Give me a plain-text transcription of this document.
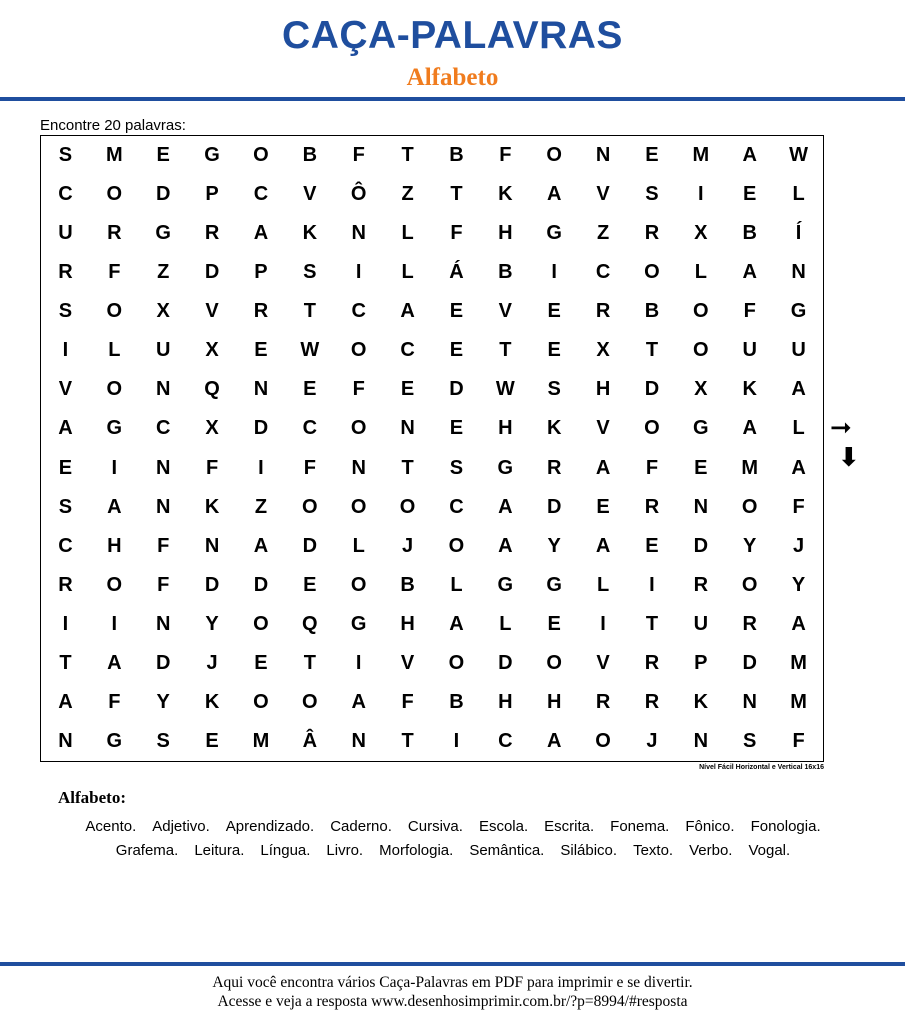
CAÇA-PALAVRAS
Alfabeto
Encontre 20 palavras:
S	M	E	G	O	B	F	T	B	F	O	N	E	M	A	W
C	O	D	P	C	V	Ô	Z	T	K	A	V	S	I	E	L
U	R	G	R	A	K	N	L	F	H	G	Z	R	X	B	Í
R	F	Z	D	P	S	I	L	Á	B	I	C	O	L	A	N
S	O	X	V	R	T	C	A	E	V	E	R	B	O	F	G
I	L	U	X	E	W	O	C	E	T	E	X	T	O	U	U
V	O	N	Q	N	E	F	E	D	W	S	H	D	X	K	A
A	G	C	X	D	C	O	N	E	H	K	V	O	G	A	L
E	I	N	F	I	F	N	T	S	G	R	A	F	E	M	A
S	A	N	K	Z	O	O	O	C	A	D	E	R	N	O	F
C	H	F	N	A	D	L	J	O	A	Y	A	E	D	Y	J
R	O	F	D	D	E	O	B	L	G	G	L	I	R	O	Y
I	I	N	Y	O	Q	G	H	A	L	E	I	T	U	R	A
T	A	D	J	E	T	I	V	O	D	O	V	R	P	D	M
A	F	Y	K	O	O	A	F	B	H	H	R	R	K	N	M
N	G	S	E	M	Â	N	T	I	C	A	O	J	N	S	F
➞
⬇
Nível Fácil Horizontal e Vertical 16x16
Alfabeto:
Acento. Adjetivo. Aprendizado. Caderno. Cursiva. Escola. Escrita. Fonema. Fônico. Fonologia.Grafema. Leitura. Língua. Livro. Morfologia. Semântica. Silábico. Texto. Verbo. Vogal.
Aqui você encontra vários Caça-Palavras em PDF para imprimir e se divertir.
Acesse e veja a resposta www.desenhosimprimir.com.br/?p=8994/#resposta
